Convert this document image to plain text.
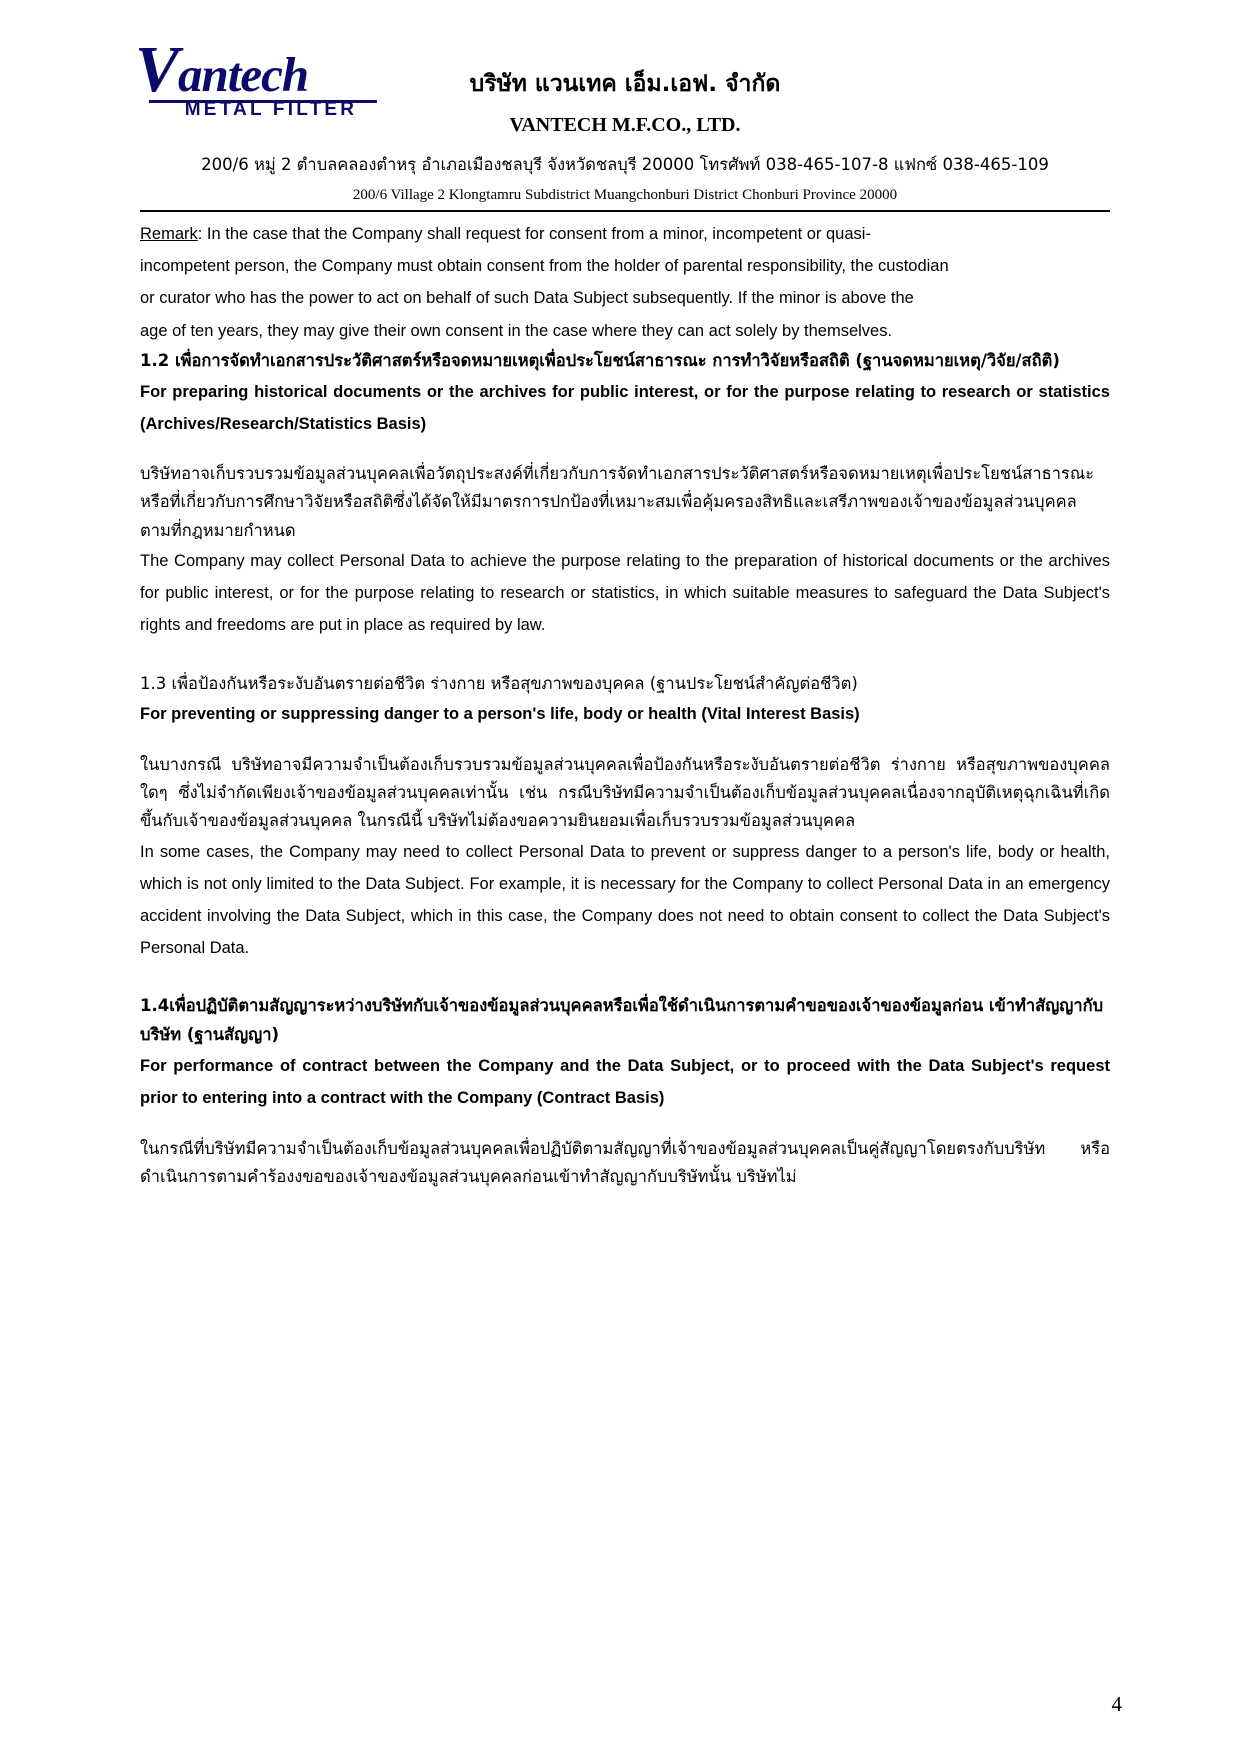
Vantech
METAL FILTER
บริษัท แวนเทค เอ็ม.เอฟ. จำกัด
VANTECH M.F.CO., LTD.
200/6 หมู่ 2 ตำบลคลองตำหรุ อำเภอเมืองชลบุรี จังหวัดชลบุรี 20000 โทรศัพท์ 038-465-107-8 แฟกซ์ 038-465-109
200/6 Village 2 Klongtamru Subdistrict Muangchonburi District Chonburi Province 20000

Remark: In the case that the Company shall request for consent from a minor, incompetent or quasi-

incompetent person, the Company must obtain consent from the holder of parental responsibility, the custodian

or curator who has the power to act on behalf of such Data Subject subsequently. If the minor is above the

age of ten years, they may give their own consent in the case where they can act solely by themselves.

1.2 เพื่อการจัดทำเอกสารประวัติศาสตร์หรือจดหมายเหตุเพื่อประโยชน์สาธารณะ การทำวิจัยหรือสถิติ (ฐานจดหมายเหตุ/วิจัย/สถิติ)

For preparing historical documents or the archives for public interest, or for the purpose relating to research or statistics (Archives/Research/Statistics Basis)

บริษัทอาจเก็บรวบรวมข้อมูลส่วนบุคคลเพื่อวัตถุประสงค์ที่เกี่ยวกับการจัดทำเอกสารประวัติศาสตร์หรือจดหมายเหตุเพื่อประโยชน์สาธารณะ หรือที่เกี่ยวกับการศึกษาวิจัยหรือสถิติซึ่งได้จัดให้มีมาตรการปกป้องที่เหมาะสมเพื่อคุ้มครองสิทธิและเสรีภาพของเจ้าของข้อมูลส่วนบุคคล ตามที่กฎหมายกำหนด

The Company may collect Personal Data to achieve the purpose relating to the preparation of historical documents or the archives for public interest, or for the purpose relating to research or statistics, in which suitable measures to safeguard the Data Subject's rights and freedoms are put in place as required by law.

1.3 เพื่อป้องกันหรือระงับอันตรายต่อชีวิต ร่างกาย หรือสุขภาพของบุคคล (ฐานประโยชน์สำคัญต่อชีวิต)

For preventing or suppressing danger to a person's life, body or health (Vital Interest Basis)

ในบางกรณี บริษัทอาจมีความจำเป็นต้องเก็บรวบรวมข้อมูลส่วนบุคคลเพื่อป้องกันหรือระงับอันตรายต่อชีวิต ร่างกาย หรือสุขภาพของบุคคลใดๆ ซึ่งไม่จำกัดเพียงเจ้าของข้อมูลส่วนบุคคลเท่านั้น เช่น กรณีบริษัทมีความจำเป็นต้องเก็บข้อมูลส่วนบุคคลเนื่องจากอุบัติเหตุฉุกเฉินที่เกิดขึ้นกับเจ้าของข้อมูลส่วนบุคคล ในกรณีนี้ บริษัทไม่ต้องขอความยินยอมเพื่อเก็บรวบรวมข้อมูลส่วนบุคคล

In some cases, the Company may need to collect Personal Data to prevent or suppress danger to a person's life, body or health, which is not only limited to the Data Subject. For example, it is necessary for the Company to collect Personal Data in an emergency accident involving the Data Subject, which in this case, the Company does not need to obtain consent to collect the Data Subject's Personal Data.

1.4เพื่อปฏิบัติตามสัญญาระหว่างบริษัทกับเจ้าของข้อมูลส่วนบุคคลหรือเพื่อใช้ดำเนินการตามคำขอของเจ้าของข้อมูลก่อน เข้าทำสัญญากับบริษัท (ฐานสัญญา)

For performance of contract between the Company and the Data Subject, or to proceed with the Data Subject's request prior to entering into a contract with the Company (Contract Basis)

ในกรณีที่บริษัทมีความจำเป็นต้องเก็บข้อมูลส่วนบุคคลเพื่อปฏิบัติตามสัญญาที่เจ้าของข้อมูลส่วนบุคคลเป็นคู่สัญญาโดยตรงกับบริษัท หรือดำเนินการตามคำร้องงขอของเจ้าของข้อมูลส่วนบุคคลก่อนเข้าทำสัญญากับบริษัทนั้น บริษัทไม่

4
